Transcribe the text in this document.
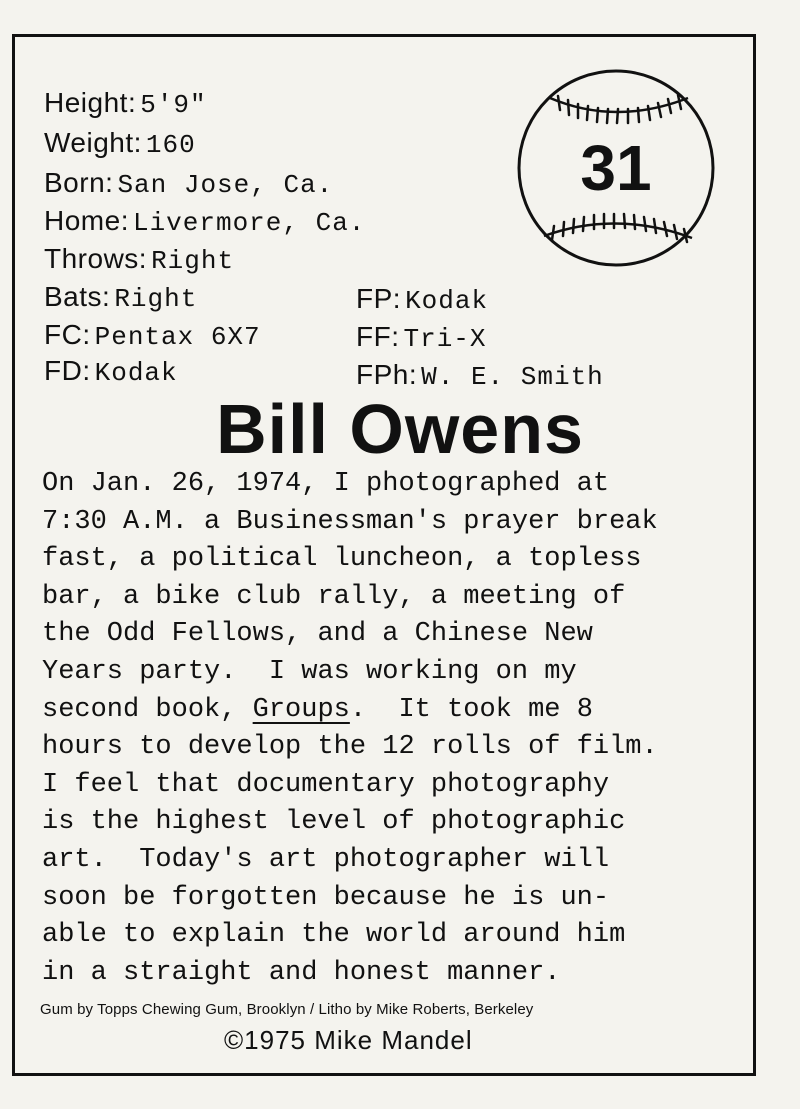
Height: 5'9"
Weight: 160
Born: San Jose, Ca.
Home: Livermore, Ca.
Throws: Right
Bats: Right
FC: Pentax 6X7
FD: Kodak
FP: Kodak
FF: Tri-X
FPh: W. E. Smith
31
Bill Owens
On Jan. 26, 1974, I photographed at
7:30 A.M. a Businessman's prayer break
fast, a political luncheon, a topless
bar, a bike club rally, a meeting of
the Odd Fellows, and a Chinese New
Years party.  I was working on my
second book, Groups.  It took me 8
hours to develop the 12 rolls of film.
I feel that documentary photography
is the highest level of photographic
art.  Today's art photographer will
soon be forgotten because he is un-
able to explain the world around him
in a straight and honest manner.
Gum by Topps Chewing Gum, Brooklyn / Litho by Mike Roberts, Berkeley
©1975 Mike Mandel
